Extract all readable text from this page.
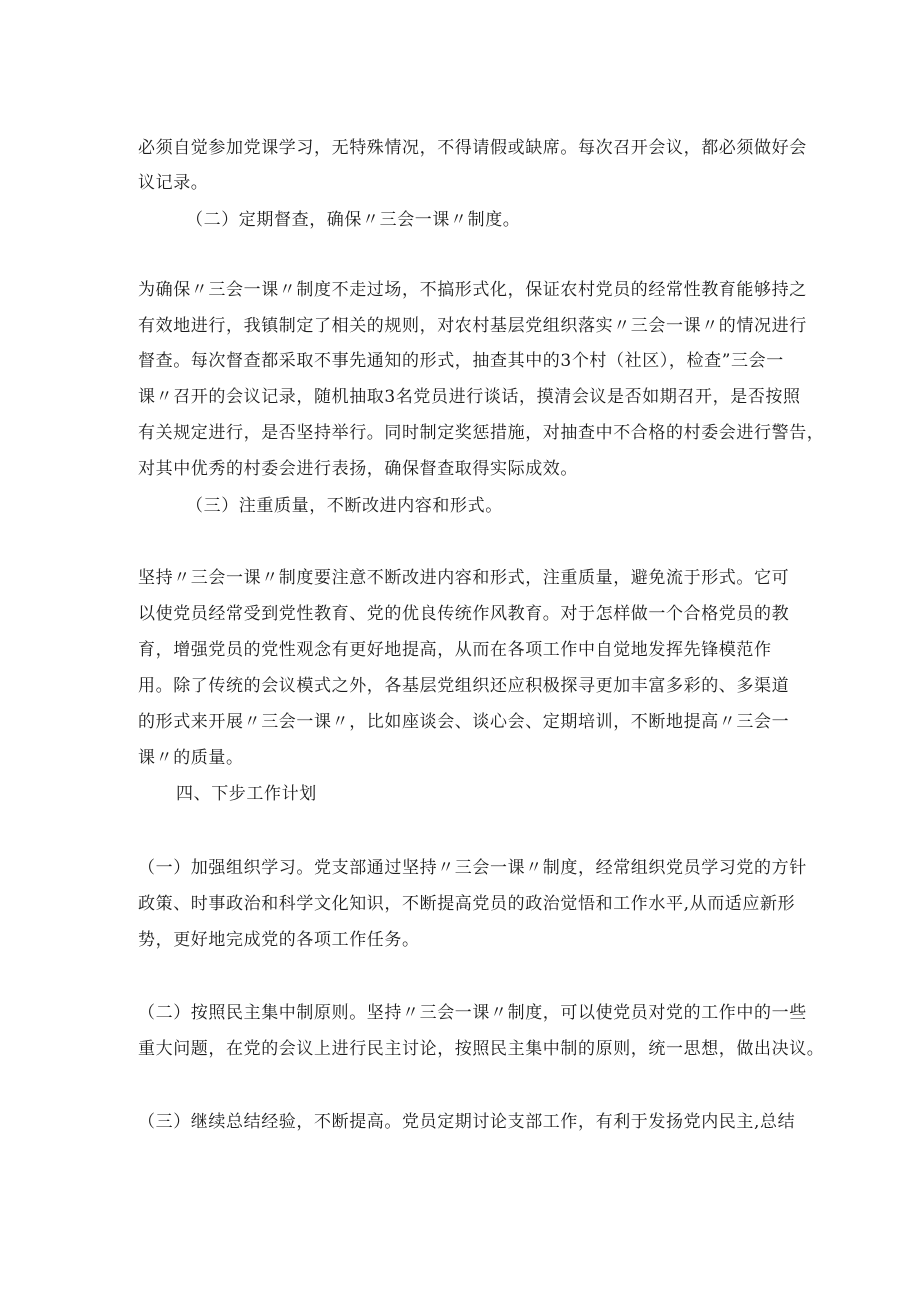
必须自觉参加党课学习，无特殊情况，不得请假或缺席。每次召开会议，都必须做好会
议记录。
（二）定期督查，确保〃三会一课〃制度。
为确保〃三会一课〃制度不走过场，不搞形式化，保证农村党员的经常性教育能够持之
有效地进行，我镇制定了相关的规则，对农村基层党组织落实〃三会一课〃的情况进行
督查。每次督查都采取不事先通知的形式，抽查其中的3个村（社区），检查”三会一
课〃召开的会议记录，随机抽取3名党员进行谈话，摸清会议是否如期召开，是否按照
有关规定进行，是否坚持举行。同时制定奖惩措施，对抽查中不合格的村委会进行警告，
对其中优秀的村委会进行表扬，确保督查取得实际成效。
（三）注重质量，不断改进内容和形式。
坚持〃三会一课〃制度要注意不断改进内容和形式，注重质量，避免流于形式。它可
以使党员经常受到党性教育、党的优良传统作风教育。对于怎样做一个合格党员的教
育，增强党员的党性观念有更好地提高，从而在各项工作中自觉地发挥先锋模范作
用。除了传统的会议模式之外，各基层党组织还应积极探寻更加丰富多彩的、多渠道
的形式来开展〃三会一课〃，比如座谈会、谈心会、定期培训，不断地提高〃三会一
课〃的质量。
四、下步工作计划
（一）加强组织学习。党支部通过坚持〃三会一课〃制度，经常组织党员学习党的方针
政策、时事政治和科学文化知识，不断提高党员的政治觉悟和工作水平,从而适应新形
势，更好地完成党的各项工作任务。
（二）按照民主集中制原则。坚持〃三会一课〃制度，可以使党员对党的工作中的一些
重大问题，在党的会议上进行民主讨论，按照民主集中制的原则，统一思想，做出决议。
（三）继续总结经验，不断提高。党员定期讨论支部工作，有利于发扬党内民主,总结
